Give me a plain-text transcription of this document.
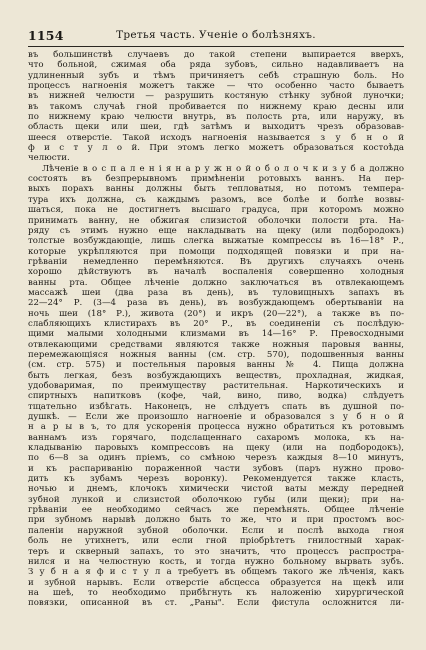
1154	Третья часть. Ученіе о болѣзняхъ.
въ большинствѣ случаевъ до такой степени выпирается вверхъ,
что больной, сжимая оба ряда зубовъ, сильно надавливаетъ на
удлиненный зубъ и тѣмъ причиняетъ себѣ страшную боль. Но
процессъ нагноенія можетъ также — что особенно часто бываетъ
въ нижней челюсти — разрушить костяную стѣнку зубной луночки;
въ такомъ случаѣ гной пробивается по нижнему краю десны или
по нижнему краю челюсти внутрь, въ полость рта, или наружу, въ
область щеки или шеи, гдѣ затѣмъ и выходитъ чрезъ образовав-
шееся отверстіе. Такой исходъ нагноенія называется з у б н о й
ф и с т у л о й. При этомъ легко можетъ образоваться костоѣда
челюсти.
Лѣченіе в о с п а л е н і я н а р у ж н о й о б о л о ч к и з у б а должно
состоять въ безпрерывномъ примѣненіи ротовыхъ ваннъ. На пер-
выхъ порахъ ванны должны быть тепловатыя, но потомъ темпера-
тура ихъ должна, съ каждымъ разомъ, все болѣе и болѣе возвы-
шаться, пока не достигнетъ высшаго градуса, при которомъ можно
принимать ванну, не обжигая слизистой оболочки полости рта. На-
ряду съ этимъ нужно еще накладывать на щеку (или подбородокъ)
толстые возбуждающіе, лишь слегка выжатые компрессы въ 16—18° Р.,
которые укрѣпляются при помощи подходящей повязки и при на-
грѣваніи немедленно перемѣняются. Въ другихъ случаяхъ очень
хорошо дѣйствуютъ въ началѣ воспаленія совершенно холодныя
ванны рта. Общее лѣченіе должно заключаться въ отвлекающемъ
массажѣ шеи (два раза въ день), въ туловищныхъ запахъ въ
22—24° Р. (3—4 раза въ день), въ возбуждающемъ обертываніи на
ночь шеи (18° Р.), живота (20°) и икръ (20—22°), а также въ по-
слабляющихъ клистирахъ въ 20° Р., въ соединеніи съ послѣдую-
щими малыми холодными клизмами въ 14—16° Р. Превосходными
отвлекающими средствами являются также ножныя паровыя ванны,
перемежающіяся ножныя ванны (см. стр. 570), подошвенныя ванны
(см. стр. 575) и постельныя паровыя ванны № 4. Пища должна
быть легкая, безъ возбуждающихъ веществъ, прохладная, жидкая,
удобоваримая, по преимуществу растительная. Наркотическихъ и
спиртныхъ напитковъ (кофе, чай, вино, пиво, водка) слѣдуетъ
тщательно избѣгать. Наконецъ, не слѣдуетъ спать въ душной по-
душкѣ. — Если же произошло нагноеніе и образовался з у б н о й
н а р ы в ъ, то для ускоренія процесса нужно обратиться къ ротовымъ
ваннамъ изъ горячаго, подслащеннаго сахаромъ молока, къ на-
кладыванію паровыхъ компрессовъ на щеку (или на подбородокъ),
по 6—8 за одинъ пріемъ, со смѣною черезъ каждыя 8—10 минутъ,
и къ распариванію пораженной части зубовъ (паръ нужно прово-
дить къ зубамъ черезъ воронку). Рекомендуется также класть,
ночью и днемъ, клочокъ химически чистой ваты между передней
зубной лункой и слизистой оболочкою губы (или щеки); при на-
грѣваніи ее необходимо сейчасъ же перемѣнять. Общее лѣченіе
при зубномъ нарывѣ должно быть то же, что и при простомъ вос-
паленіи наружной зубной оболочки. Если и послѣ выхода гноя
боль не утихнетъ, или если гной пріобрѣтетъ гнилостный харак-
теръ и скверный запахъ, то это значитъ, что процессъ распростра-
нился и на челюстную кость, и тогда нужно больному вырвать зубъ.
З у б н а я ф и с т у л а требуетъ въ общемъ такого же лѣченія, какъ
и зубной нарывъ. Если отверстіе абсцесса образуется на щекѣ или
на шеѣ, то необходимо прибѣгнуть къ наложенію хирургической
повязки, описанной въ ст. „Раны". Если фистула осложнится ли-
